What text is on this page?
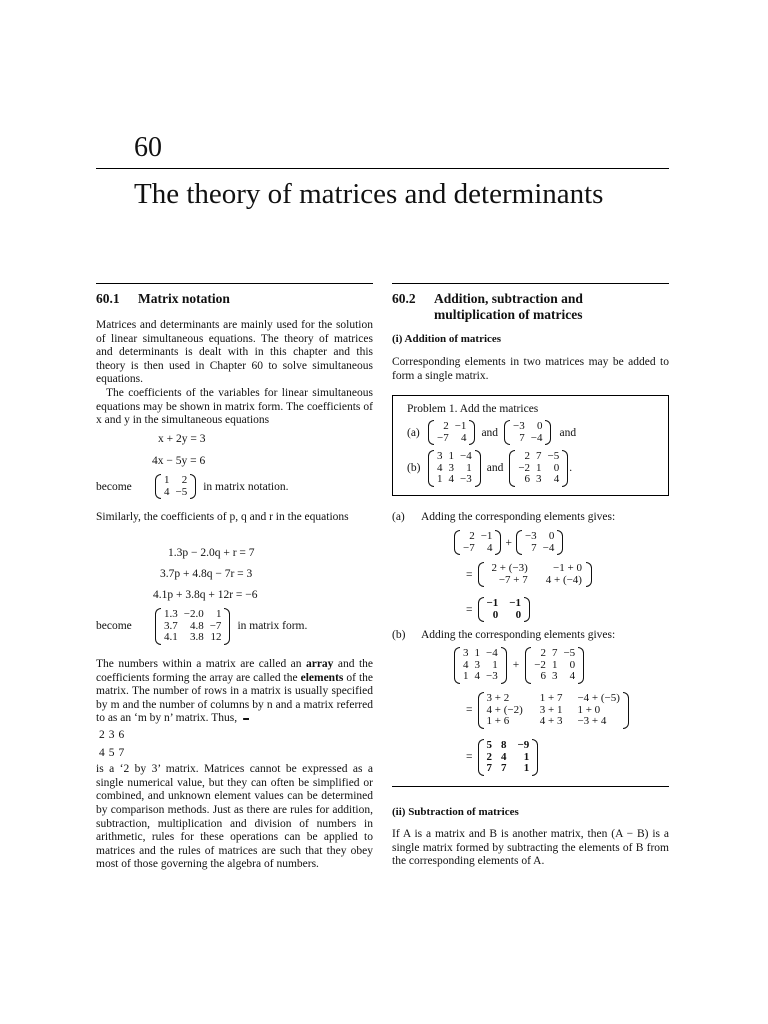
60
The theory of matrices and determinants
60.1 Matrix notation

Matrices and determinants are mainly used for the solution of linear simultaneous equations. The theory of matrices and determinants is dealt with in this chapter and this theory is then used in Chapter 60 to solve simultaneous equations.

The coefficients of the variables for linear simultaneous equations may be shown in matrix form. The coefficients of x and y in the simultaneous equations

x + 2y = 3
4x − 5y = 6
become
1	2
4	−5 in matrix notation.
Similarly, the coefficients of p, q and r in the equations
1.3p − 2.0q + r = 7
3.7p + 4.8q − 7r = 3
4.1p + 3.8q + 12r = −6
become
1.3	−2.0	1
3.7	4.8	−7
4.1	3.8	12
in matrix form.

The numbers within a matrix are called an array and the coefficients forming the array are called the elements of the matrix. The number of rows in a matrix is usually specified by m and the number of columns by n and a matrix referred to as an ‘m by n’ matrix. Thus,

2	3	6
4	5	7
is a ‘2 by 3’ matrix. Matrices cannot be expressed as a single numerical value, but they can often be simplified or combined, and unknown element values can be determined by comparison methods. Just as there are rules for addition, subtraction, multiplication and division of numbers in arithmetic, rules for these operations can be applied to matrices and the rules of matrices are such that they obey most of those governing the algebra of numbers.

60.2 Addition, subtraction and
multiplication of matrices
(i) Addition of matrices
Corresponding elements in two matrices may be added to form a single matrix.
Problem 1. Add the matrices
(a)
2	−1
−7	4 and
−3	0
7	−4 and
(b)
3	1	−4
4	3	1
1	4	−3
and
2	7	−5
−2	1	0
6	3	4
.
(a)	Adding the corresponding elements gives:
2	−1
−7	4 +
−3	0
7	−4
=
2 + (−3)	−1 + 0
−7 + 7	4 + (−4)
=
−1	−1
0	0
(b)	Adding the corresponding elements gives:
3	1	−4
4	3	1
1	4	−3
+
2	7	−5
−2	1	0
6	3	4
=
3 + 2	1 + 7	−4 + (−5)
4 + (−2)	3 + 1	1 + 0
1 + 6	4 + 3	−3 + 4
=
5	8	−9
2	4	1
7	7	1
(ii) Subtraction of matrices
If A is a matrix and B is another matrix, then (A − B) is a single matrix formed by subtracting the elements of B from the corresponding elements of A.
